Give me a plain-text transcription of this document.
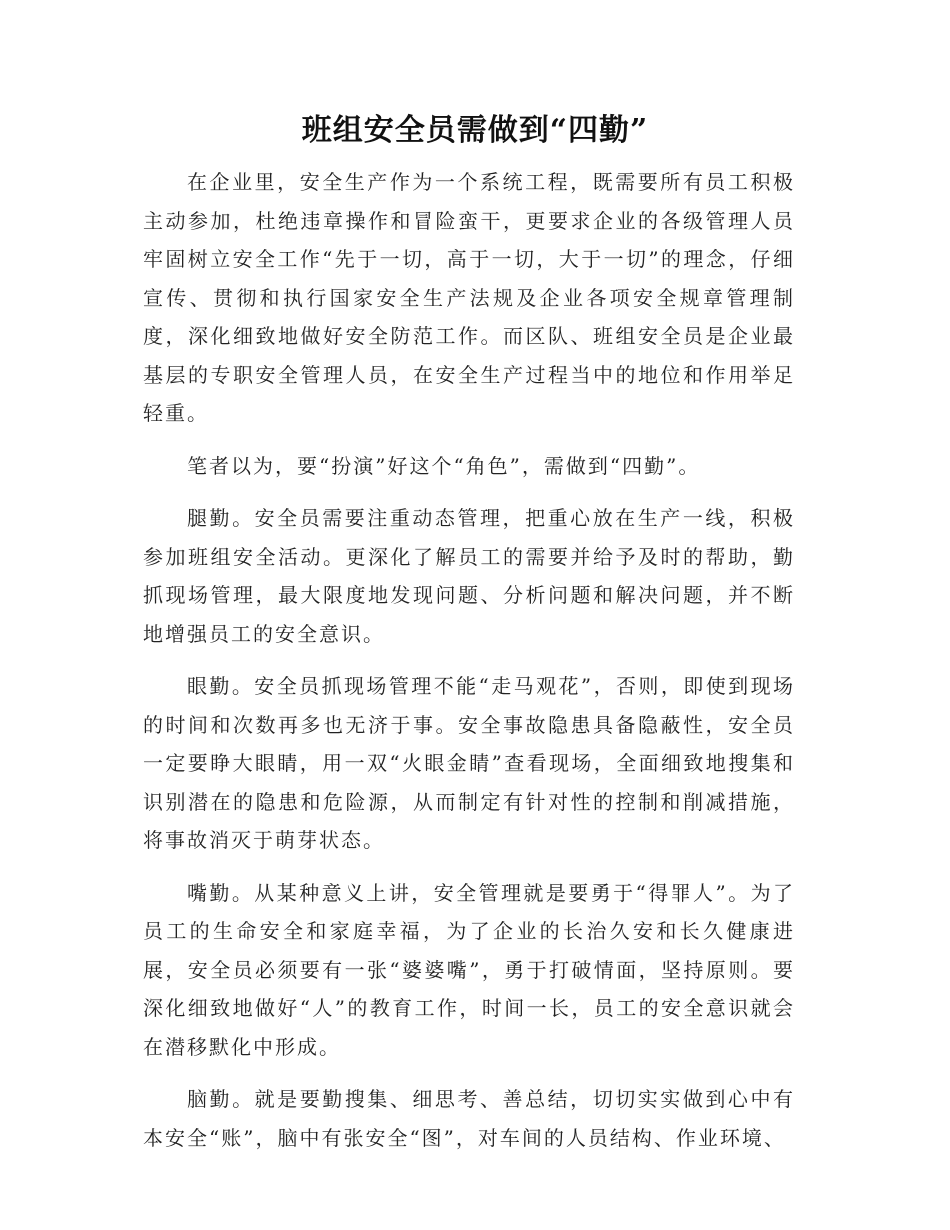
班组安全员需做到“四勤”

在企业里，安全生产作为一个系统工程，既需要所有员工积极主动参加，杜绝违章操作和冒险蛮干，更要求企业的各级管理人员牢固树立安全工作“先于一切，高于一切，大于一切”的理念，仔细宣传、贯彻和执行国家安全生产法规及企业各项安全规章管理制度，深化细致地做好安全防范工作。而区队、班组安全员是企业最基层的专职安全管理人员，在安全生产过程当中的地位和作用举足轻重。

笔者以为，要“扮演”好这个“角色”，需做到“四勤”。

腿勤。安全员需要注重动态管理，把重心放在生产一线，积极参加班组安全活动。更深化了解员工的需要并给予及时的帮助，勤抓现场管理，最大限度地发现问题、分析问题和解决问题，并不断地增强员工的安全意识。

眼勤。安全员抓现场管理不能“走马观花”，否则，即使到现场的时间和次数再多也无济于事。安全事故隐患具备隐蔽性，安全员一定要睁大眼睛，用一双“火眼金睛”查看现场，全面细致地搜集和识别潜在的隐患和危险源，从而制定有针对性的控制和削减措施，将事故消灭于萌芽状态。

嘴勤。从某种意义上讲，安全管理就是要勇于“得罪人”。为了员工的生命安全和家庭幸福，为了企业的长治久安和长久健康进展，安全员必须要有一张“婆婆嘴”，勇于打破情面，坚持原则。要深化细致地做好“人”的教育工作，时间一长，员工的安全意识就会在潜移默化中形成。

脑勤。就是要勤搜集、细思考、善总结，切切实实做到心中有本安全“账”，脑中有张安全“图”，对车间的人员结构、作业环境、
